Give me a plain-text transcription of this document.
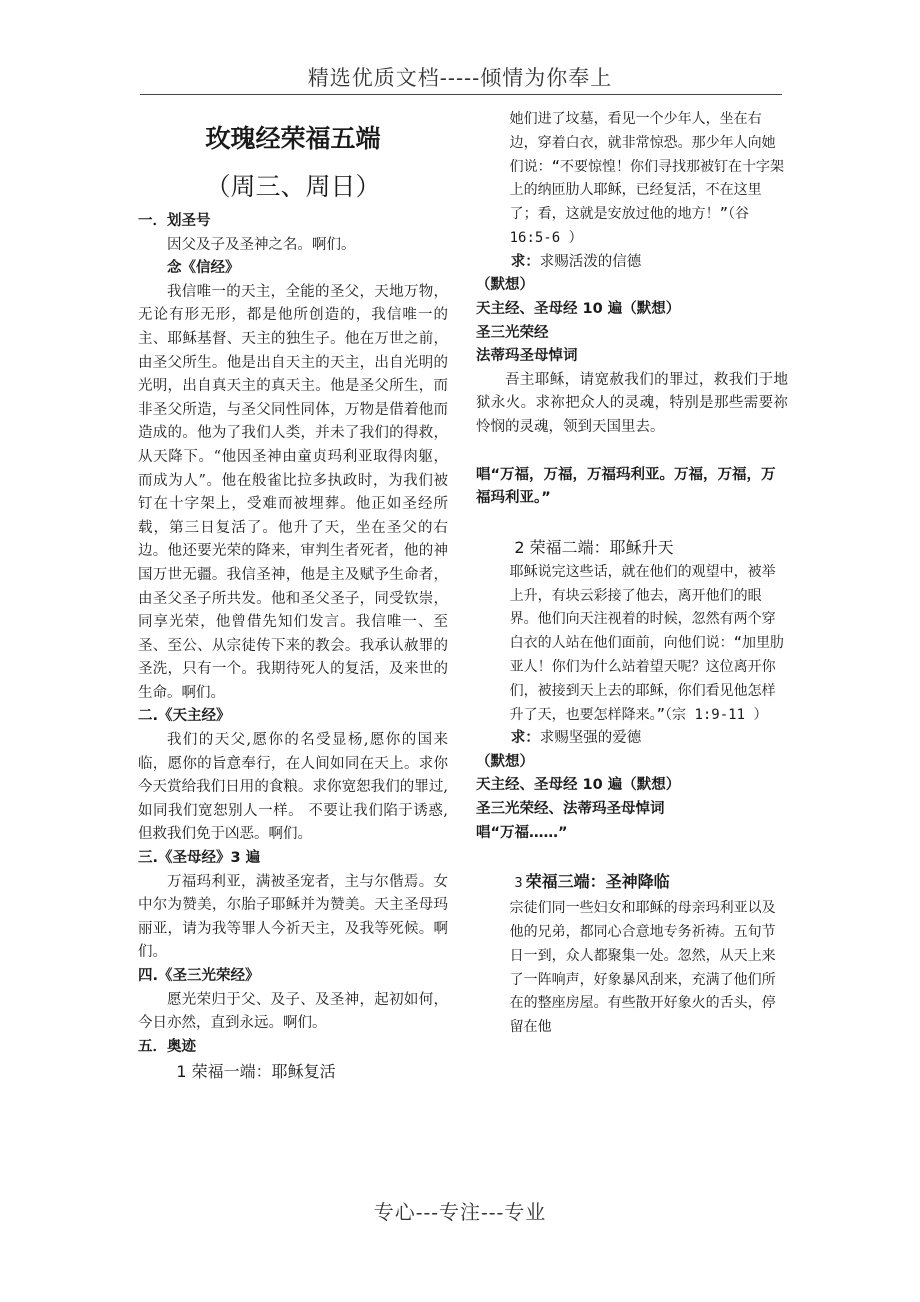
精选优质文档-----倾情为你奉上
玫瑰经荣福五端
（周三、周日）

一．划圣号

因父及子及圣神之名。啊们。

念《信经》

我信唯一的天主，全能的圣父，天地万物，无论有形无形，都是他所创造的，我信唯一的主、耶稣基督、天主的独生子。他在万世之前，由圣父所生。他是出自天主的天主，出自光明的光明，出自真天主的真天主。他是圣父所生，而非圣父所造，与圣父同性同体，万物是借着他而造成的。他为了我们人类，并未了我们的得救，从天降下。“他因圣神由童贞玛利亚取得肉躯，而成为人”。他在般雀比拉多执政时，为我们被钉在十字架上，受难而被埋葬。他正如圣经所载，第三日复活了。他升了天，坐在圣父的右边。他还要光荣的降来，审判生者死者，他的神国万世无疆。我信圣神，他是主及赋予生命者，由圣父圣子所共发。他和圣父圣子，同受钦崇，同享光荣，他曾借先知们发言。我信唯一、至圣、至公、从宗徒传下来的教会。我承认赦罪的圣洗，只有一个。我期待死人的复活，及来世的生命。啊们。

二.《天主经》

我们的天父,愿你的名受显杨,愿你的国来临，愿你的旨意奉行，在人间如同在天上。求你今天赏给我们日用的食粮。求你宽恕我们的罪过,如同我们宽恕别人一样。 不要让我们陷于诱惑,但救我们免于凶恶。啊们。

三.《圣母经》3 遍

万福玛利亚，满被圣宠者，主与尔偕焉。女中尔为赞美，尔胎子耶稣并为赞美。天主圣母玛丽亚，请为我等罪人今祈天主，及我等死候。啊们。

四.《圣三光荣经》

愿光荣归于父、及子、及圣神，起初如何，今日亦然，直到永远。啊们。

五．奥迹

1 荣福一端：耶稣复活

她们进了坟墓，看见一个少年人，坐在右边，穿着白衣，就非常惊恐。那少年人向她们说：“不要惊惶！你们寻找那被钉在十字架上的纳匝肋人耶稣，已经复活，不在这里了；看，这就是安放过他的地方！”（谷 16:5-6 ）

求：求赐活泼的信德

（默想）

天主经、圣母经 10 遍（默想）

圣三光荣经

法蒂玛圣母悼词

吾主耶稣，请宽赦我们的罪过，救我们于地狱永火。求祢把众人的灵魂，特别是那些需要祢怜悯的灵魂，领到天国里去。

唱“万福，万福，万福玛利亚。万福，万福，万福玛利亚。”

2 荣福二端：耶稣升天

耶稣说完这些话，就在他们的观望中，被举上升，有块云彩接了他去，离开他们的眼界。他们向天注视着的时候，忽然有两个穿白衣的人站在他们面前，向他们说：“加里肋亚人！你们为什么站着望天呢？这位离开你们，被接到天上去的耶稣，你们看见他怎样升了天，也要怎样降来。”（宗 1:9-11 ）

求：求赐坚强的爱德

（默想）

天主经、圣母经 10 遍（默想）

圣三光荣经、法蒂玛圣母悼词

唱“万福……”

3 荣福三端：圣神降临

宗徒们同一些妇女和耶稣的母亲玛利亚以及他的兄弟，都同心合意地专务祈祷。五旬节日一到，众人都聚集一处。忽然，从天上来了一阵响声，好象暴风刮来，充满了他们所在的整座房屋。有些散开好象火的舌头，停留在他

专心---专注---专业
